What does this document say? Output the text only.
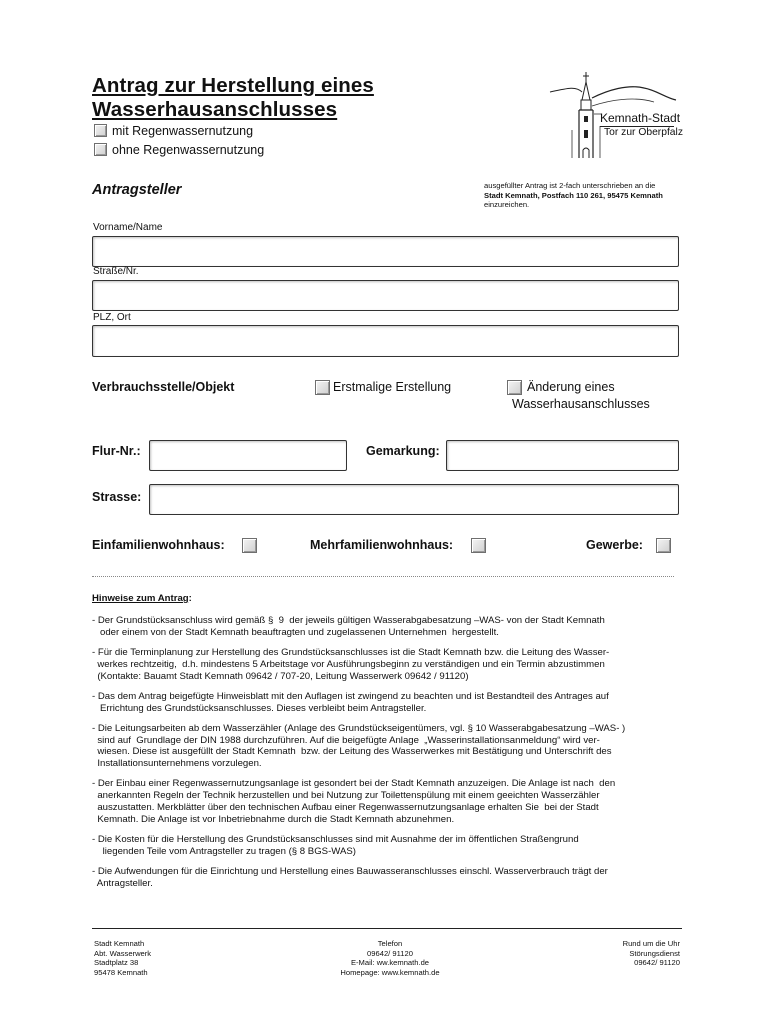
Antrag zur Herstellung eines
Wasserhausanschlusses
mit Regenwassernutzung
ohne Regenwassernutzung
Kemnath-Stadt
Tor zur Oberpfalz
Antragsteller	ausgefüllter Antrag ist 2-fach unterschrieben an die
Stadt Kemnath, Postfach 110 261, 95475 Kemnath
einzureichen.
Vorname/Name
Straße/Nr.
PLZ, Ort
Verbrauchsstelle/Objekt	Erstmalige Erstellung	Änderung eines
Wasserhausanschlusses
Flur-Nr.:	Gemarkung:
Strasse:
Einfamilienwohnhaus:	Mehrfamilienwohnhaus:	Gewerbe:
Hinweise zum Antrag:
- Der Grundstücksanschluss wird gemäß §  9  der jeweils gültigen Wasserabgabesatzung –WAS- von der Stadt Kemnath
oder einem von der Stadt Kemnath beauftragten und zugelassenen Unternehmen  hergestellt.
- Für die Terminplanung zur Herstellung des Grundstücksanschlusses ist die Stadt Kemnath bzw. die Leitung des Wasser-
werkes rechtzeitig,  d.h. mindestens 5 Arbeitstage vor Ausführungsbeginn zu verständigen und ein Termin abzustimmen
(Kontakte: Bauamt Stadt Kemnath 09642 / 707-20, Leitung Wasserwerk 09642 / 91120)
- Das dem Antrag beigefügte Hinweisblatt mit den Auflagen ist zwingend zu beachten und ist Bestandteil des Antrages auf
Errichtung des Grundstücksanschlusses. Dieses verbleibt beim Antragsteller.
- Die Leitungsarbeiten ab dem Wasserzähler (Anlage des Grundstückseigentümers, vgl. § 10 Wasserabgabesatzung –WAS- )
sind auf  Grundlage der DIN 1988 durchzuführen. Auf die beigefügte Anlage  „Wasserinstallationsanmeldung“ wird ver-
wiesen. Diese ist ausgefüllt der Stadt Kemnath  bzw. der Leitung des Wasserwerkes mit Bestätigung und Unterschrift des
Installationsunternehmens vorzulegen.
- Der Einbau einer Regenwassernutzungsanlage ist gesondert bei der Stadt Kemnath anzuzeigen. Die Anlage ist nach  den
anerkannten Regeln der Technik herzustellen und bei Nutzung zur Toilettenspülung mit einem geeichten Wasserzähler
auszustatten. Merkblätter über den technischen Aufbau einer Regenwassernutzungsanlage erhalten Sie  bei der Stadt
Kemnath. Die Anlage ist vor Inbetriebnahme durch die Stadt Kemnath abzunehmen.
- Die Kosten für die Herstellung des Grundstücksanschlusses sind mit Ausnahme der im öffentlichen Straßengrund
liegenden Teile vom Antragsteller zu tragen (§ 8 BGS-WAS)
- Die Aufwendungen für die Einrichtung und Herstellung eines Bauwasseranschlusses einschl. Wasserverbrauch trägt der
Antragsteller.
Stadt Kemnath
Abt. Wasserwerk
Stadtplatz 38
95478 Kemnath
Telefon
09642/ 91120
E-Mail: ww.kemnath.de
Homepage: www.kemnath.de
Rund um die Uhr
Störungsdienst
09642/ 91120
